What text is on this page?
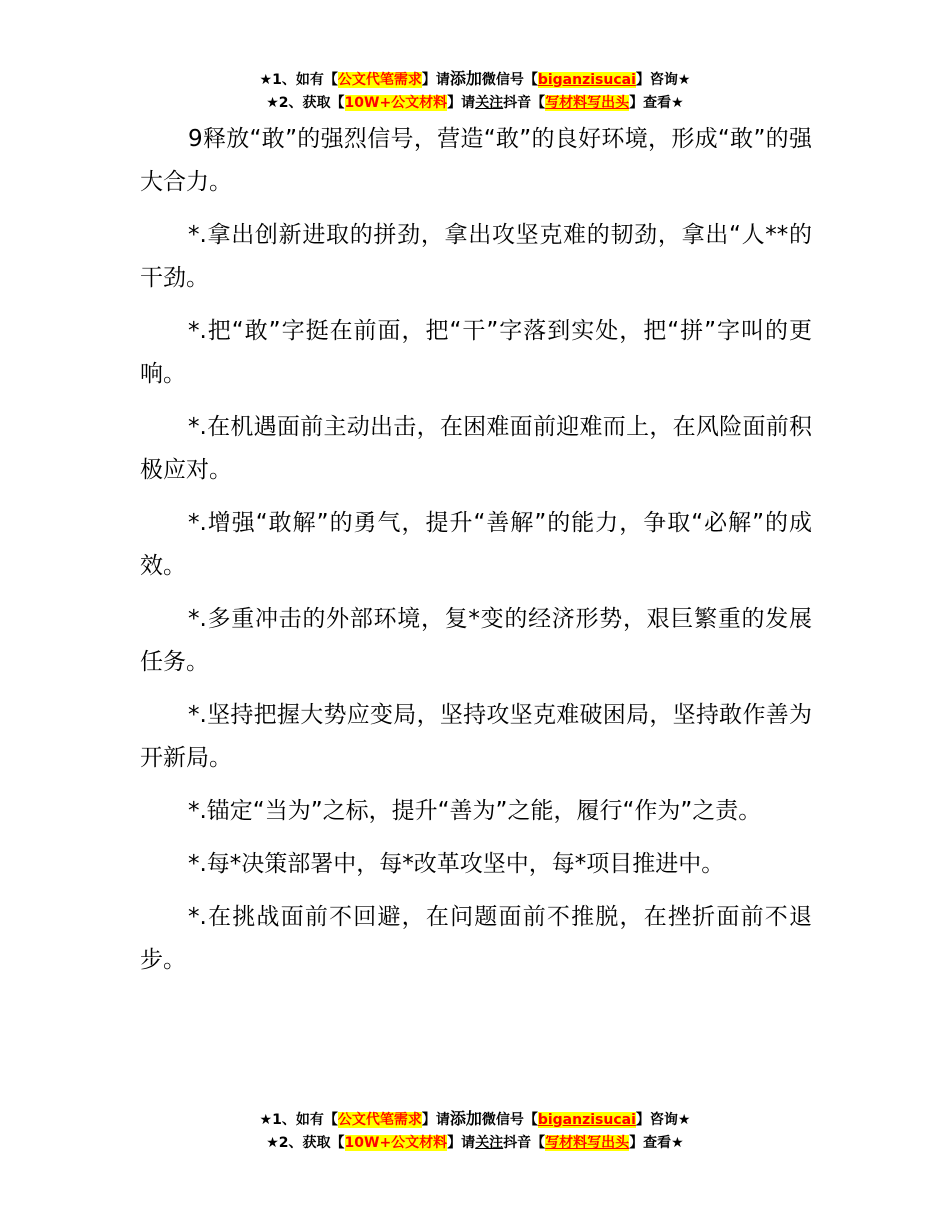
★1、如有【公文代笔需求】请添加微信号【biganzisucai】咨询★
★2、获取【10W+公文材料】请关注抖音【写材料写出头】查看★

9释放“敢”的强烈信号，营造“敢”的良好环境，形成“敢”的强大合力。

*.拿出创新进取的拼劲，拿出攻坚克难的韧劲，拿出“人**的干劲。

*.把“敢”字挺在前面，把“干”字落到实处，把“拼”字叫的更响。

*.在机遇面前主动出击，在困难面前迎难而上，在风险面前积极应对。

*.增强“敢解”的勇气，提升“善解”的能力，争取“必解”的成效。

*.多重冲击的外部环境，复*变的经济形势，艰巨繁重的发展任务。

*.坚持把握大势应变局，坚持攻坚克难破困局，坚持敢作善为开新局。

*.锚定“当为”之标，提升“善为”之能，履行“作为”之责。

*.每*决策部署中，每*改革攻坚中，每*项目推进中。

*.在挑战面前不回避，在问题面前不推脱，在挫折面前不退步。

★1、如有【公文代笔需求】请添加微信号【biganzisucai】咨询★
★2、获取【10W+公文材料】请关注抖音【写材料写出头】查看★
